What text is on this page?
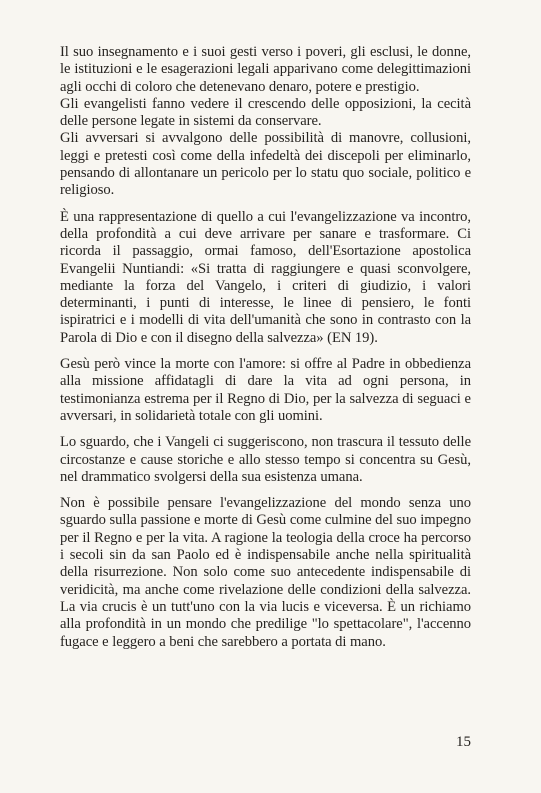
Il suo insegnamento e i suoi gesti verso i poveri, gli esclusi, le donne, le istituzioni e le esagerazioni legali apparivano come delegittimazioni agli occhi di coloro che detenevano denaro, potere e prestigio.

Gli evangelisti fanno vedere il crescendo delle opposizioni, la cecità delle persone legate in sistemi da conservare.

Gli avversari si avvalgono delle possibilità di manovre, collusioni, leggi e pretesti così come della infedeltà dei discepoli per eliminarlo, pensando di allontanare un pericolo per lo statu quo sociale, politico e religioso.

È una rappresentazione di quello a cui l'evangelizzazione va incontro, della profondità a cui deve arrivare per sanare e trasformare. Ci ricorda il passaggio, ormai famoso, dell'Esortazione apostolica Evangelii Nuntiandi: «Si tratta di raggiungere e quasi sconvolgere, mediante la forza del Vangelo, i criteri di giudizio, i valori determinanti, i punti di interesse, le linee di pensiero, le fonti ispiratrici e i modelli di vita dell'umanità che sono in contrasto con la Parola di Dio e con il disegno della salvezza» (EN 19).

Gesù però vince la morte con l'amore: si offre al Padre in obbedienza alla missione affidatagli di dare la vita ad ogni persona, in testimonianza estrema per il Regno di Dio, per la salvezza di seguaci e avversari, in solidarietà totale con gli uomini.

Lo sguardo, che i Vangeli ci suggeriscono, non trascura il tessuto delle circostanze e cause storiche e allo stesso tempo si concentra su Gesù, nel drammatico svolgersi della sua esistenza umana.

Non è possibile pensare l'evangelizzazione del mondo senza uno sguardo sulla passione e morte di Gesù come culmine del suo impegno per il Regno e per la vita. A ragione la teologia della croce ha percorso i secoli sin da san Paolo ed è indispensabile anche nella spiritualità della risurrezione. Non solo come suo antecedente indispensabile di veridicità, ma anche come rivelazione delle condizioni della salvezza. La via crucis è un tutt'uno con la via lucis e viceversa. È un richiamo alla profondità in un mondo che predilige "lo spettacolare", l'accenno fugace e leggero a beni che sarebbero a portata di mano.

15
